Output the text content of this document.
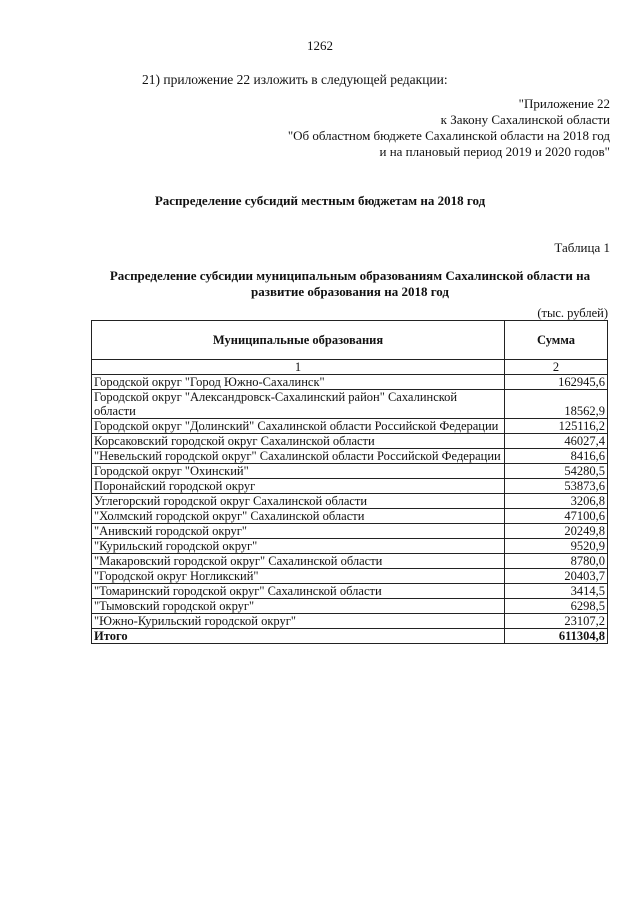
1262
21) приложение 22 изложить в следующей редакции:
"Приложение 22
к Закону Сахалинской области
"Об областном бюджете Сахалинской области на 2018 год
и на плановый период 2019 и 2020 годов"
Распределение субсидий местным бюджетам на 2018 год
Таблица 1
Распределение субсидии муниципальным образованиям Сахалинской области на
развитие образования на 2018 год
(тыс. рублей)
Муниципальные образования	Сумма
1	2
Городской округ "Город Южно-Сахалинск"	162945,6
Городской округ "Александровск-Сахалинский район" Сахалинской области	18562,9
Городской округ "Долинский" Сахалинской области Российской Федерации	125116,2
Корсаковский городской округ Сахалинской области	46027,4
"Невельский городской округ" Сахалинской области Российской Федерации	8416,6
Городской округ "Охинский"	54280,5
Поронайский городской округ	53873,6
Углегорский городской округ Сахалинской области	3206,8
"Холмский городской округ" Сахалинской области	47100,6
"Анивский городской округ"	20249,8
"Курильский городской округ"	9520,9
"Макаровский городской округ" Сахалинской области	8780,0
"Городской округ Ногликский"	20403,7
"Томаринский городской округ" Сахалинской области	3414,5
"Тымовский городской округ"	6298,5
"Южно-Курильский городской округ"	23107,2
Итого	611304,8
